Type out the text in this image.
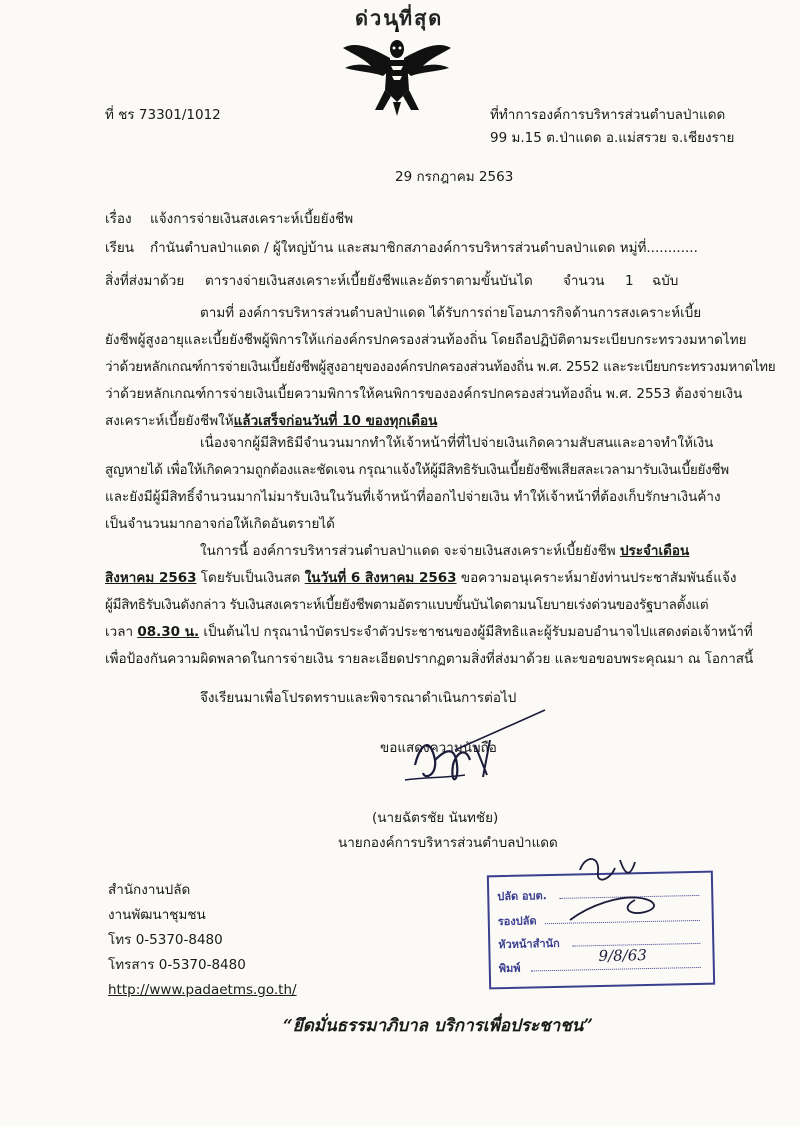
ด่วนที่สุด
ที่ ชร 73301/1012	ที่ทำการองค์การบริหารส่วนตำบลป่าแดด
99 ม.15 ต.ป่าแดด อ.แม่สรวย จ.เชียงราย
29 กรกฎาคม 2563
เรื่อง แจ้งการจ่ายเงินสงเคราะห์เบี้ยยังชีพ
เรียน กำนันตำบลป่าแดด / ผู้ใหญ่บ้าน และสมาชิกสภาองค์การบริหารส่วนตำบลป่าแดด หมู่ที่............
สิ่งที่ส่งมาด้วย ตารางจ่ายเงินสงเคราะห์เบี้ยยังชีพและอัตราตามขั้นบันได จำนวน 1 ฉบับ
ตามที่ องค์การบริหารส่วนตำบลป่าแดด ได้รับการถ่ายโอนภารกิจด้านการสงเคราะห์เบี้ย
ยังชีพผู้สูงอายุและเบี้ยยังชีพผู้พิการให้แก่องค์กรปกครองส่วนท้องถิ่น โดยถือปฏิบัติตามระเบียบกระทรวงมหาดไทย
ว่าด้วยหลักเกณฑ์การจ่ายเงินเบี้ยยังชีพผู้สูงอายุขององค์กรปกครองส่วนท้องถิ่น พ.ศ. 2552 และระเบียบกระทรวงมหาดไทย
ว่าด้วยหลักเกณฑ์การจ่ายเงินเบี้ยความพิการให้คนพิการขององค์กรปกครองส่วนท้องถิ่น พ.ศ. 2553 ต้องจ่ายเงิน
สงเคราะห์เบี้ยยังชีพให้แล้วเสร็จก่อนวันที่ 10 ของทุกเดือน
เนื่องจากผู้มีสิทธิมีจำนวนมากทำให้เจ้าหน้าที่ที่ไปจ่ายเงินเกิดความสับสนและอาจทำให้เงิน
สูญหายได้ เพื่อให้เกิดความถูกต้องและชัดเจน กรุณาแจ้งให้ผู้มีสิทธิรับเงินเบี้ยยังชีพเสียสละเวลามารับเงินเบี้ยยังชีพ
และยังมีผู้มีสิทธิ์จำนวนมากไม่มารับเงินในวันที่เจ้าหน้าที่ออกไปจ่ายเงิน ทำให้เจ้าหน้าที่ต้องเก็บรักษาเงินค้าง
เป็นจำนวนมากอาจก่อให้เกิดอันตรายได้
ในการนี้ องค์การบริหารส่วนตำบลป่าแดด จะจ่ายเงินสงเคราะห์เบี้ยยังชีพ ประจำเดือน
สิงหาคม 2563 โดยรับเป็นเงินสด ในวันที่ 6 สิงหาคม 2563 ขอความอนุเคราะห์มายังท่านประชาสัมพันธ์แจ้ง
ผู้มีสิทธิรับเงินดังกล่าว รับเงินสงเคราะห์เบี้ยยังชีพตามอัตราแบบขั้นบันไดตามนโยบายเร่งด่วนของรัฐบาลตั้งแต่
เวลา 08.30 น. เป็นต้นไป กรุณานำบัตรประจำตัวประชาชนของผู้มีสิทธิและผู้รับมอบอำนาจไปแสดงต่อเจ้าหน้าที่
เพื่อป้องกันความผิดพลาดในการจ่ายเงิน รายละเอียดปรากฏตามสิ่งที่ส่งมาด้วย และขอขอบพระคุณมา ณ โอกาสนี้
จึงเรียนมาเพื่อโปรดทราบและพิจารณาดำเนินการต่อไป
ขอแสดงความนับถือ
(นายฉัตรชัย นันทชัย)
นายกองค์การบริหารส่วนตำบลป่าแดด
สำนักงานปลัด
งานพัฒนาชุมชน
โทร 0-5370-8480
โทรสาร 0-5370-8480
http://www.padaetms.go.th/
ปลัด อบต.
รองปลัด
หัวหน้าสำนัก
พิมพ์
9/8/63
“ยึดมั่นธรรมาภิบาล บริการเพื่อประชาชน”
